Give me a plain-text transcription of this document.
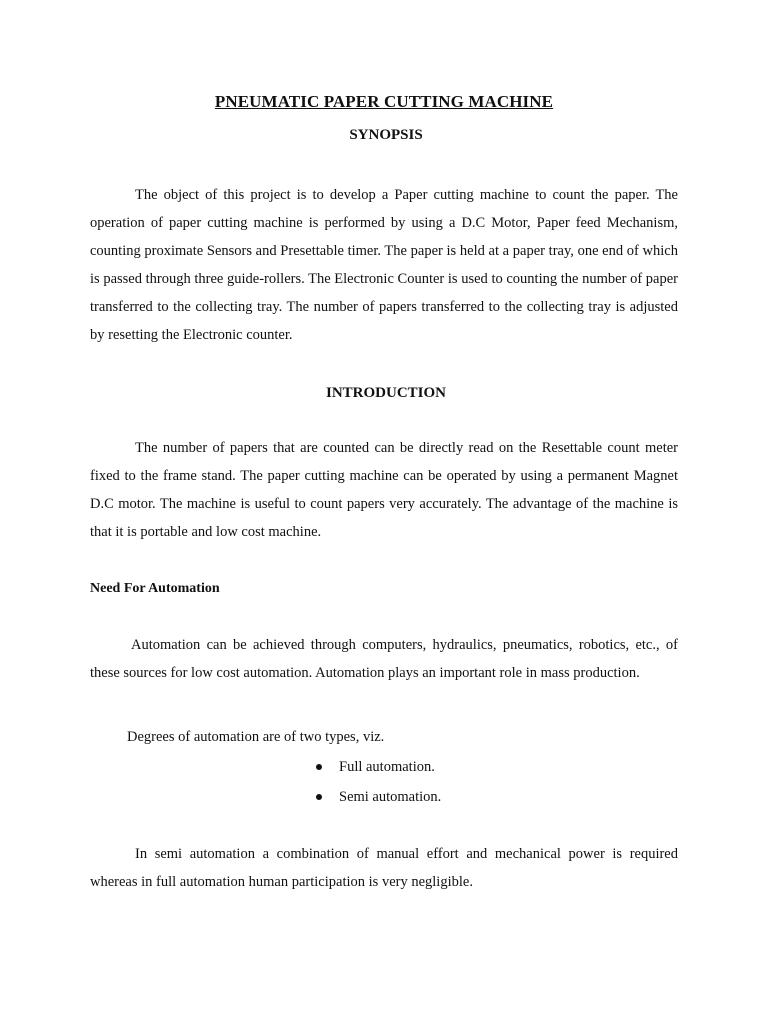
PNEUMATIC PAPER CUTTING MACHINE
SYNOPSIS

The object of this project is to develop a Paper cutting machine to count the paper. The operation of paper cutting machine is performed by using a D.C Motor, Paper feed Mechanism, counting proximate Sensors and Presettable timer. The paper is held at a paper tray, one end of which is passed through three guide-rollers. The Electronic Counter is used to counting the number of paper transferred to the collecting tray. The number of papers transferred to the collecting tray is adjusted by resetting the Electronic counter.

INTRODUCTION

The number of papers that are counted can be directly read on the Resettable count meter fixed to the frame stand. The paper cutting machine can be operated by using a permanent Magnet D.C motor. The machine is useful to count papers very accurately. The advantage of the machine is that it is portable and low cost machine.

Need For Automation

Automation can be achieved through computers, hydraulics, pneumatics, robotics, etc., of these sources for low cost automation. Automation plays an important role in mass production.

Degrees of automation are of two types, viz.
Full automation.
Semi automation.

In semi automation a combination of manual effort and mechanical power is required whereas in full automation human participation is very negligible.
